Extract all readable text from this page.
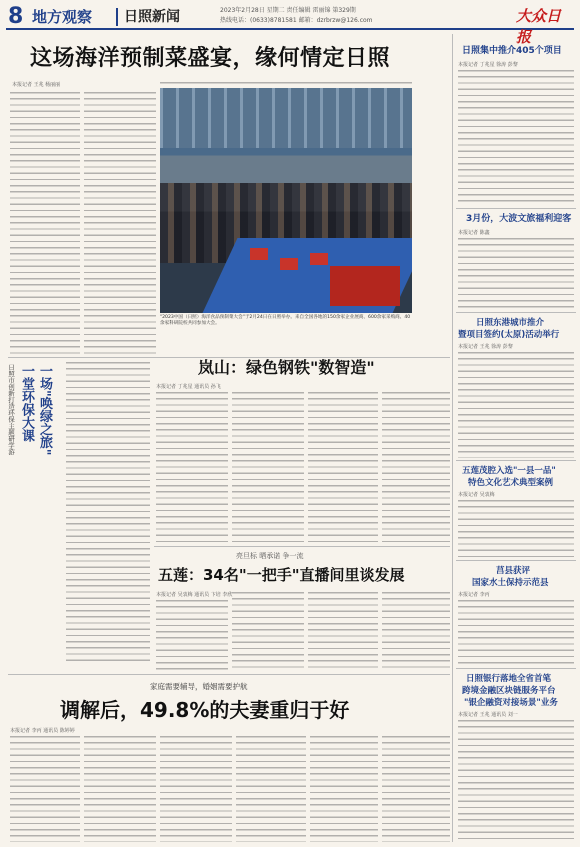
8 地方观察 日照新闻	2023年2月28日 星期二 责任编辑 雷丽锦 第329期
热线电话：(0633)8781581 邮箱：dzrbrzw@126.com	大众日报
这场海洋预制菜盛宴，缘何情定日照
本报记者 王兆 杨丽丽
"2023中国（日照）海洋食品预制菜大会"于2月24日在日照举办。来自全国各地的150余家企业展商、600余家采购商、40余家科研院校共同参加大会。
一场"唤绿之旅"
一堂环保大课
日照市创新打造环保主题研学游	岚山：绿色钢铁"数智造"
本报记者 丁兆星 通讯员 孙飞
亮旦标 晒承诺 争一流
五莲：34名"一把手"直播间里谈发展
本报记者 吴衷梅 通讯员 卞培 李欣
家庭需要辅导，婚姻需要护航
调解后，49.8%的夫妻重归于好
本报记者 李丙 通讯员 陈婷婷
日照集中推介405个项目
本报记者 丁兆星 徐涛 彭黎
3月份，大波文旅福利迎客
本报记者 陈鑫
日照东港城市推介
暨项目签约(太原)活动举行
本报记者 王兆 徐涛 彭黎
五莲茂腔入选"一县一品"
特色文化艺术典型案例
本报记者 吴衷梅
莒县获评
国家水土保持示范县
本报记者 李丙
日照银行落地全省首笔
跨境金融区块链服务平台
"银企融资对接场景"业务
本报记者 王兆 通讯员 刘一
